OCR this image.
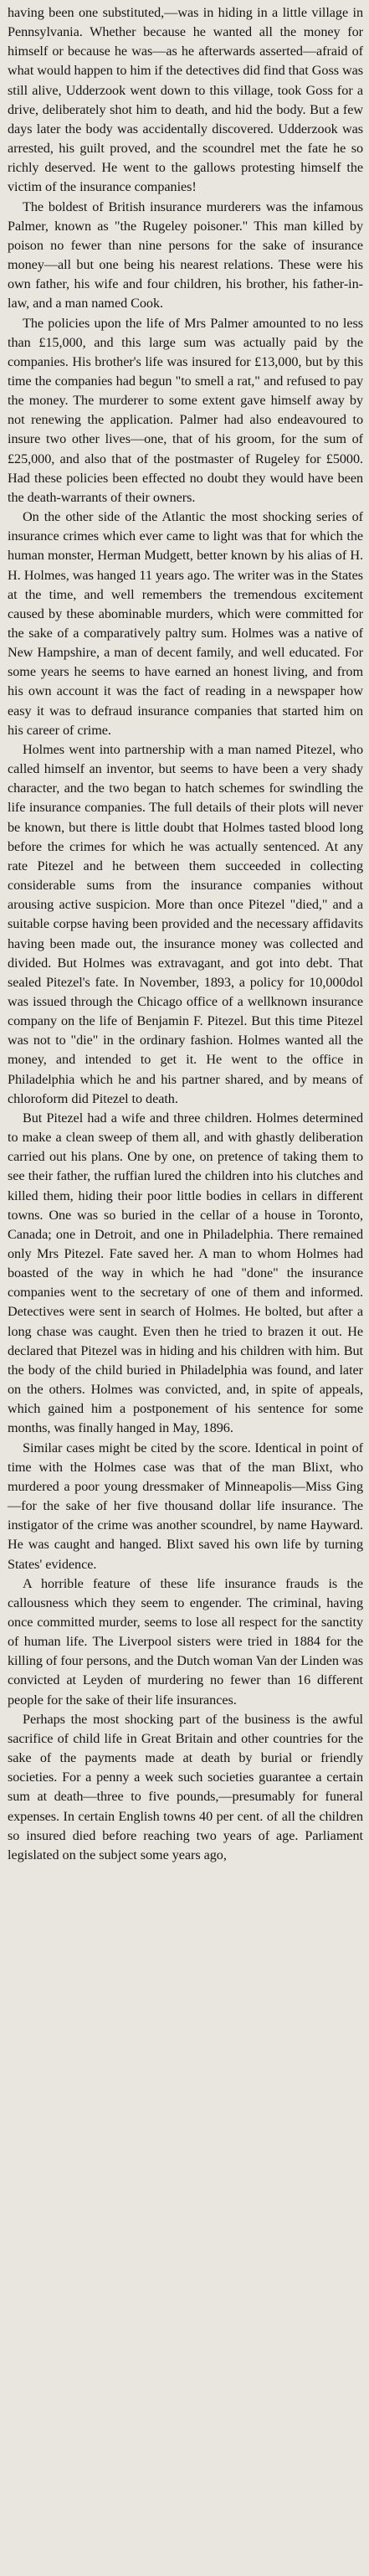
having been one substituted,—was in hiding in a little village in Pennsylvania. Whether because he wanted all the money for himself or because he was—as he afterwards asserted—afraid of what would happen to him if the detectives did find that Goss was still alive, Udderzook went down to this village, took Goss for a drive, deliberately shot him to death, and hid the body. But a few days later the body was accidentally discovered. Udderzook was arrested, his guilt proved, and the scoundrel met the fate he so richly deserved. He went to the gallows protesting himself the victim of the insurance companies!

The boldest of British insurance murderers was the infamous Palmer, known as "the Rugeley poisoner." This man killed by poison no fewer than nine persons for the sake of insurance money—all but one being his nearest relations. These were his own father, his wife and four children, his brother, his father-in-law, and a man named Cook.

The policies upon the life of Mrs Palmer amounted to no less than £15,000, and this large sum was actually paid by the companies. His brother's life was insured for £13,000, but by this time the companies had begun "to smell a rat," and refused to pay the money. The murderer to some extent gave himself away by not renewing the application. Palmer had also endeavoured to insure two other lives—one, that of his groom, for the sum of £25,000, and also that of the postmaster of Rugeley for £5000. Had these policies been effected no doubt they would have been the death-warrants of their owners.

On the other side of the Atlantic the most shocking series of insurance crimes which ever came to light was that for which the human monster, Herman Mudgett, better known by his alias of H. H. Holmes, was hanged 11 years ago. The writer was in the States at the time, and well remembers the tremendous excitement caused by these abominable murders, which were committed for the sake of a comparatively paltry sum. Holmes was a native of New Hampshire, a man of decent family, and well educated. For some years he seems to have earned an honest living, and from his own account it was the fact of reading in a newspaper how easy it was to defraud insurance companies that started him on his career of crime.

Holmes went into partnership with a man named Pitezel, who called himself an inventor, but seems to have been a very shady character, and the two began to hatch schemes for swindling the life insurance companies. The full details of their plots will never be known, but there is little doubt that Holmes tasted blood long before the crimes for which he was actually sentenced. At any rate Pitezel and he between them succeeded in collecting considerable sums from the insurance companies without arousing active suspicion. More than once Pitezel "died," and a suitable corpse having been provided and the necessary affidavits having been made out, the insurance money was collected and divided. But Holmes was extravagant, and got into debt. That sealed Pitezel's fate. In November, 1893, a policy for 10,000dol was issued through the Chicago office of a wellknown insurance company on the life of Benjamin F. Pitezel. But this time Pitezel was not to "die" in the ordinary fashion. Holmes wanted all the money, and intended to get it. He went to the office in Philadelphia which he and his partner shared, and by means of chloroform did Pitezel to death.

But Pitezel had a wife and three children. Holmes determined to make a clean sweep of them all, and with ghastly deliberation carried out his plans. One by one, on pretence of taking them to see their father, the ruffian lured the children into his clutches and killed them, hiding their poor little bodies in cellars in different towns. One was so buried in the cellar of a house in Toronto, Canada; one in Detroit, and one in Philadelphia. There remained only Mrs Pitezel. Fate saved her. A man to whom Holmes had boasted of the way in which he had "done" the insurance companies went to the secretary of one of them and informed. Detectives were sent in search of Holmes. He bolted, but after a long chase was caught. Even then he tried to brazen it out. He declared that Pitezel was in hiding and his children with him. But the body of the child buried in Philadelphia was found, and later on the others. Holmes was convicted, and, in spite of appeals, which gained him a postponement of his sentence for some months, was finally hanged in May, 1896.

Similar cases might be cited by the score. Identical in point of time with the Holmes case was that of the man Blixt, who murdered a poor young dressmaker of Minneapolis—Miss Ging—for the sake of her five thousand dollar life insurance. The instigator of the crime was another scoundrel, by name Hayward. He was caught and hanged. Blixt saved his own life by turning States' evidence.

A horrible feature of these life insurance frauds is the callousness which they seem to engender. The criminal, having once committed murder, seems to lose all respect for the sanctity of human life. The Liverpool sisters were tried in 1884 for the killing of four persons, and the Dutch woman Van der Linden was convicted at Leyden of murdering no fewer than 16 different people for the sake of their life insurances.

Perhaps the most shocking part of the business is the awful sacrifice of child life in Great Britain and other countries for the sake of the payments made at death by burial or friendly societies. For a penny a week such societies guarantee a certain sum at death—three to five pounds,—presumably for funeral expenses. In certain English towns 40 per cent. of all the children so insured died before reaching two years of age. Parliament legislated on the subject some years ago,
